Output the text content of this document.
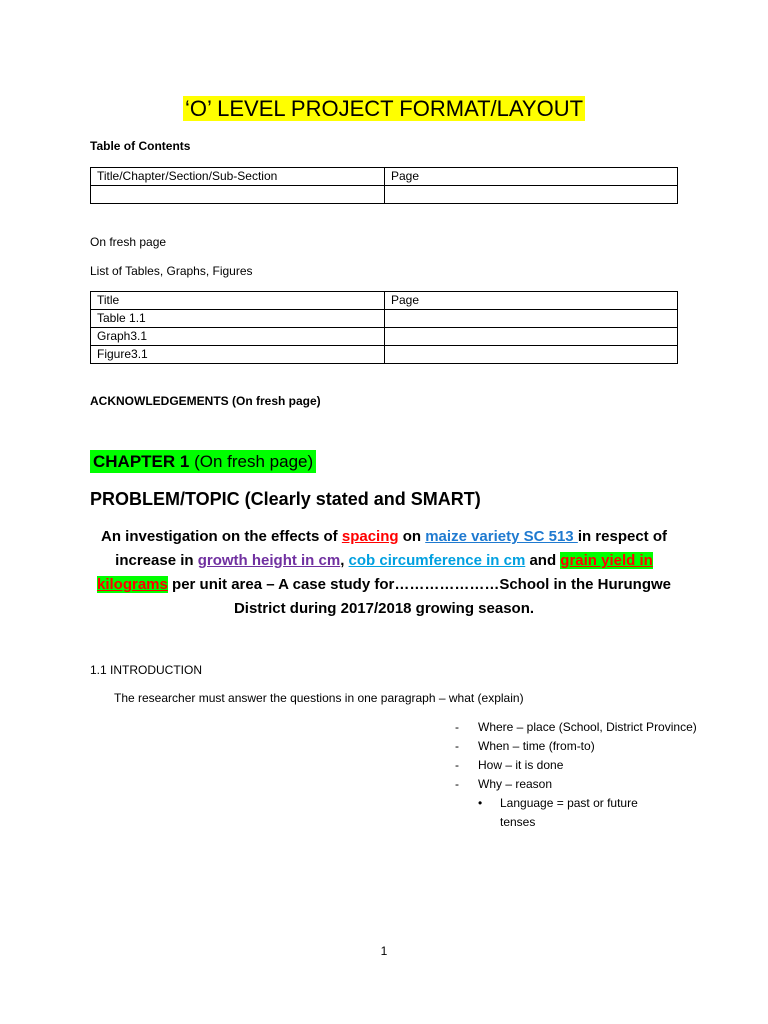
‘O’ LEVEL PROJECT FORMAT/LAYOUT
Table of Contents
Title/Chapter/Section/Sub-Section	Page

On fresh page
List of Tables, Graphs, Figures
Title	Page
Table 1.1	
Graph3.1	
Figure3.1	
ACKNOWLEDGEMENTS (On fresh page)
CHAPTER 1 (On fresh page)
PROBLEM/TOPIC (Clearly stated and SMART)
An investigation on the effects of spacing on maize variety SC 513 in respect of increase in growth height in cm, cob circumference in cm and grain yield in kilograms per unit area – A case study for…………………School in the Hurungwe District during 2017/2018 growing season.
1.1 INTRODUCTION
The researcher must answer the questions in one paragraph – what (explain)
-	Where – place (School, District Province)
-	When – time (from-to)
-	How – it is done
-	Why – reason
•	Language = past or future tenses
1
